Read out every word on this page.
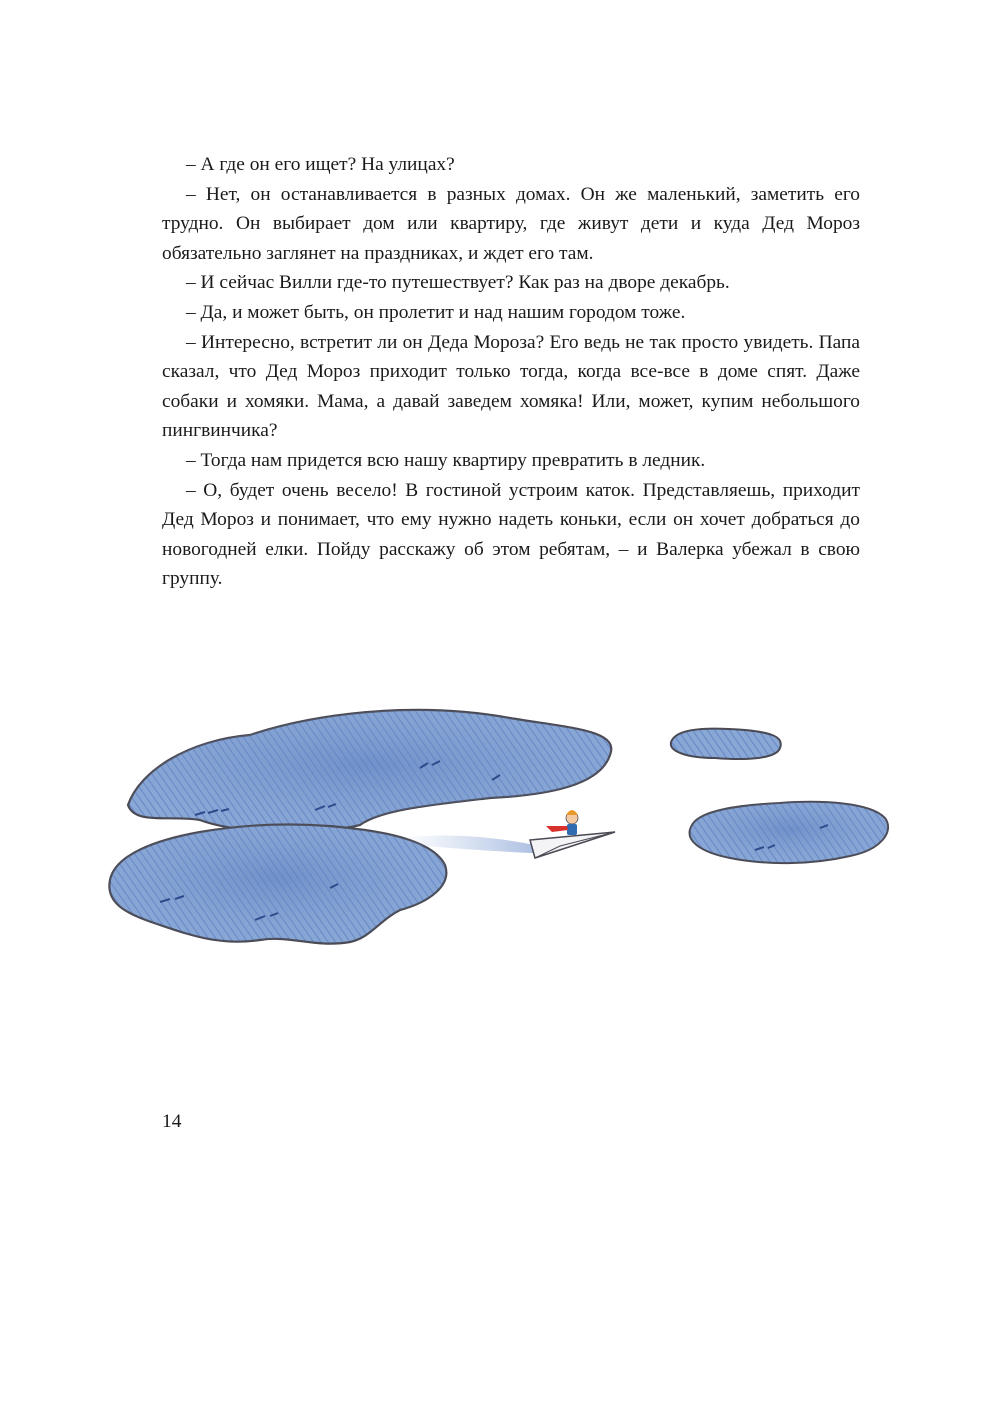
– А где он его ищет? На улицах?

– Нет, он останавливается в разных домах. Он же маленький, заметить его трудно. Он выбирает дом или квартиру, где живут дети и куда Дед Мороз обязательно заглянет на праздниках, и ждет его там.

– И сейчас Вилли где-то путешествует? Как раз на дворе декабрь.

– Да, и может быть, он пролетит и над нашим городом тоже.

– Интересно, встретит ли он Деда Мороза? Его ведь не так просто увидеть. Папа сказал, что Дед Мороз приходит только тогда, когда все-все в доме спят. Даже собаки и хомяки. Мама, а давай заведем хомяка! Или, может, купим небольшого пингвинчика?

– Тогда нам придется всю нашу квартиру превратить в ледник.

– О, будет очень весело! В гостиной устроим каток. Представляешь, приходит Дед Мороз и понимает, что ему нужно надеть коньки, если он хочет добраться до новогодней елки. Пойду расскажу об этом ребятам, – и Валерка убежал в свою группу.

14
